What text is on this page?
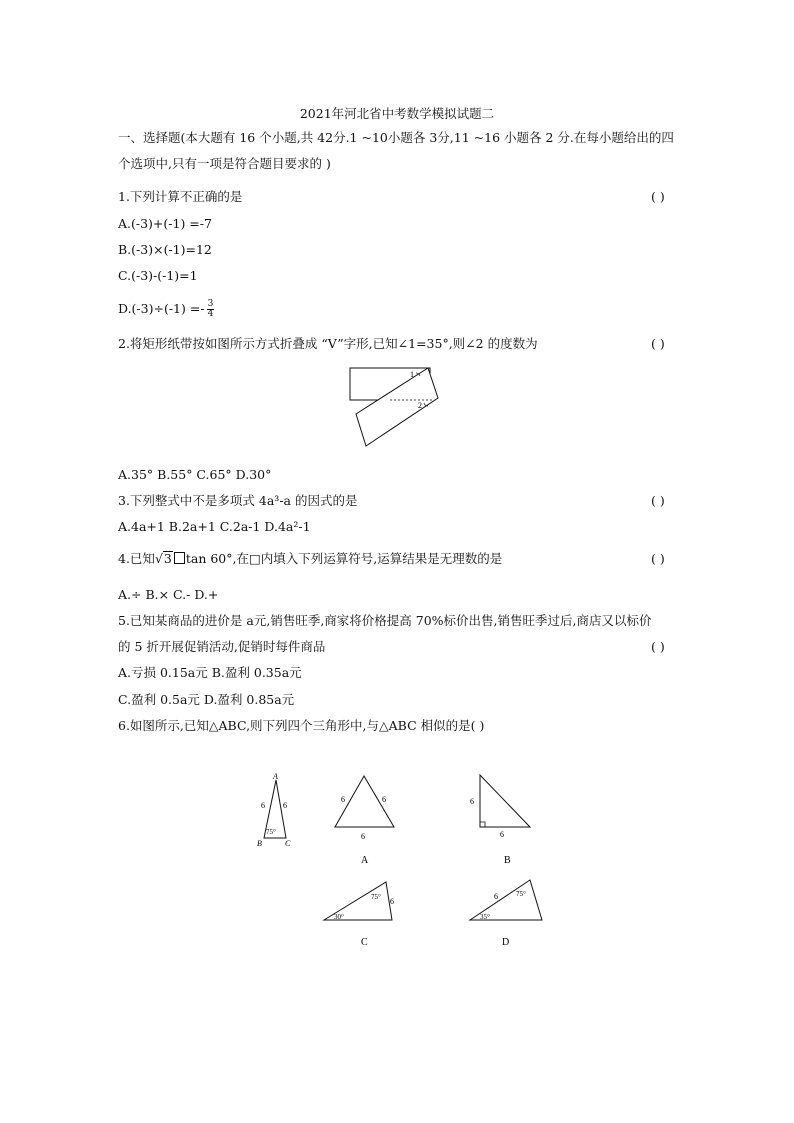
2021年河北省中考数学模拟试题二
一、选择题(本大题有 16 个小题,共 42分.1 ~10小题各 3分,11 ~16 小题各 2 分.在每小题给出的四
个选项中,只有一项是符合题目要求的 )
1.下列计算不正确的是	( )
A.(-3)+(-1) =-7
B.(-3)×(-1)=12
C.(-3)-(-1)=1
$D.(-3)\div(-1) =- \frac{3}{4}$
2.将矩形纸带按如图所示方式折叠成 “V”字形,已知∠1=35°,则∠2 的度数为	( )
1
2
A.35° B.55° C.65° D.30°
3.下列整式中不是多项式 4a³-a 的因式的是	( )
A.4a+1 B.2a+1 C.2a-1 D.4a²-1
4.已知√3 tan 60°,在□内填入下列运算符号,运算结果是无理数的是	( )
A.÷ B.× C.- D.+
5.已知某商品的进价是 a元,销售旺季,商家将价格提高 70%标价出售,销售旺季过后,商店又以标价
的 5 折开展促销活动,促销时每件商品	( )
A.亏损 0.15a元 B.盈利 0.35a元
C.盈利 0.5a元 D.盈利 0.85a元
6.如图所示,已知△ABC,则下列四个三角形中,与△ABC 相似的是( )
A
B	C
6 6
75°
6	6
6
A
6
6
B
75° 6
30°
C
6	75°
35°
D
